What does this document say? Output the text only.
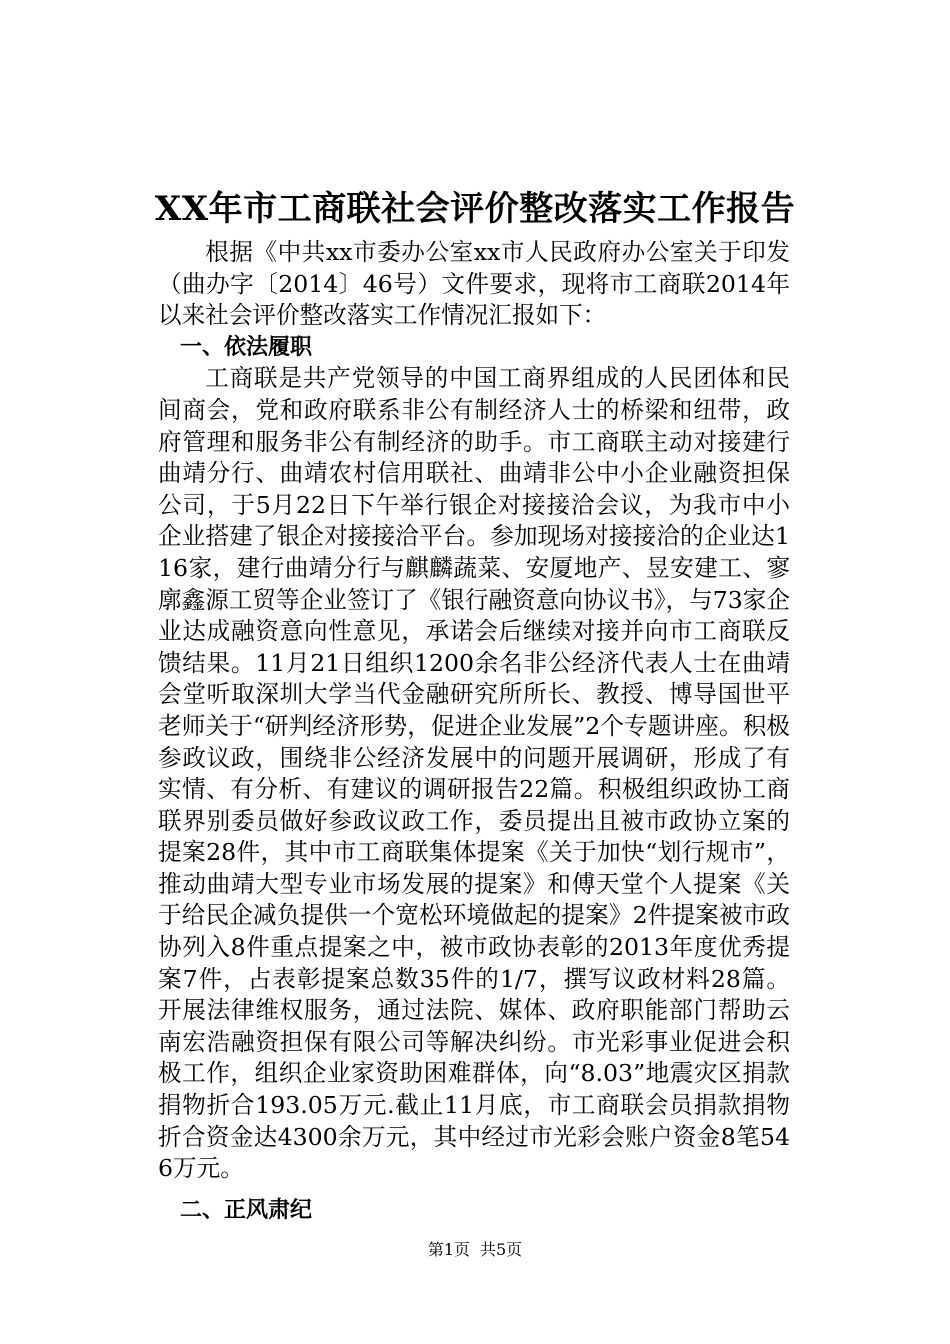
XX年市工商联社会评价整改落实工作报告

根据《中共xx市委办公室xx市人民政府办公室关于印发（曲办字〔2014〕46号）文件要求，现将市工商联2014年以来社会评价整改落实工作情况汇报如下：

一、依法履职

工商联是共产党领导的中国工商界组成的人民团体和民间商会，党和政府联系非公有制经济人士的桥梁和纽带，政府管理和服务非公有制经济的助手。市工商联主动对接建行曲靖分行、曲靖农村信用联社、曲靖非公中小企业融资担保公司，于5月22日下午举行银企对接接洽会议，为我市中小企业搭建了银企对接接洽平台。参加现场对接接洽的企业达116家，建行曲靖分行与麒麟蔬菜、安厦地产、昱安建工、寥廓鑫源工贸等企业签订了《银行融资意向协议书》，与73家企业达成融资意向性意见，承诺会后继续对接并向市工商联反馈结果。11月21日组织1200余名非公经济代表人士在曲靖会堂听取深圳大学当代金融研究所所长、教授、博导国世平老师关于“研判经济形势，促进企业发展”2个专题讲座。积极参政议政，围绕非公经济发展中的问题开展调研，形成了有实情、有分析、有建议的调研报告22篇。积极组织政协工商联界别委员做好参政议政工作，委员提出且被市政协立案的提案28件，其中市工商联集体提案《关于加快“划行规市”，推动曲靖大型专业市场发展的提案》和傅天堂个人提案《关于给民企减负提供一个宽松环境做起的提案》2件提案被市政协列入8件重点提案之中，被市政协表彰的2013年度优秀提案7件，占表彰提案总数35件的1/7，撰写议政材料28篇。开展法律维权服务，通过法院、媒体、政府职能部门帮助云南宏浩融资担保有限公司等解决纠纷。市光彩事业促进会积极工作，组织企业家资助困难群体，向“8.03”地震灾区捐款捐物折合193.05万元.截止11月底，市工商联会员捐款捐物折合资金达4300余万元，其中经过市光彩会账户资金8笔546万元。

二、正风肃纪

第1页 共5页
